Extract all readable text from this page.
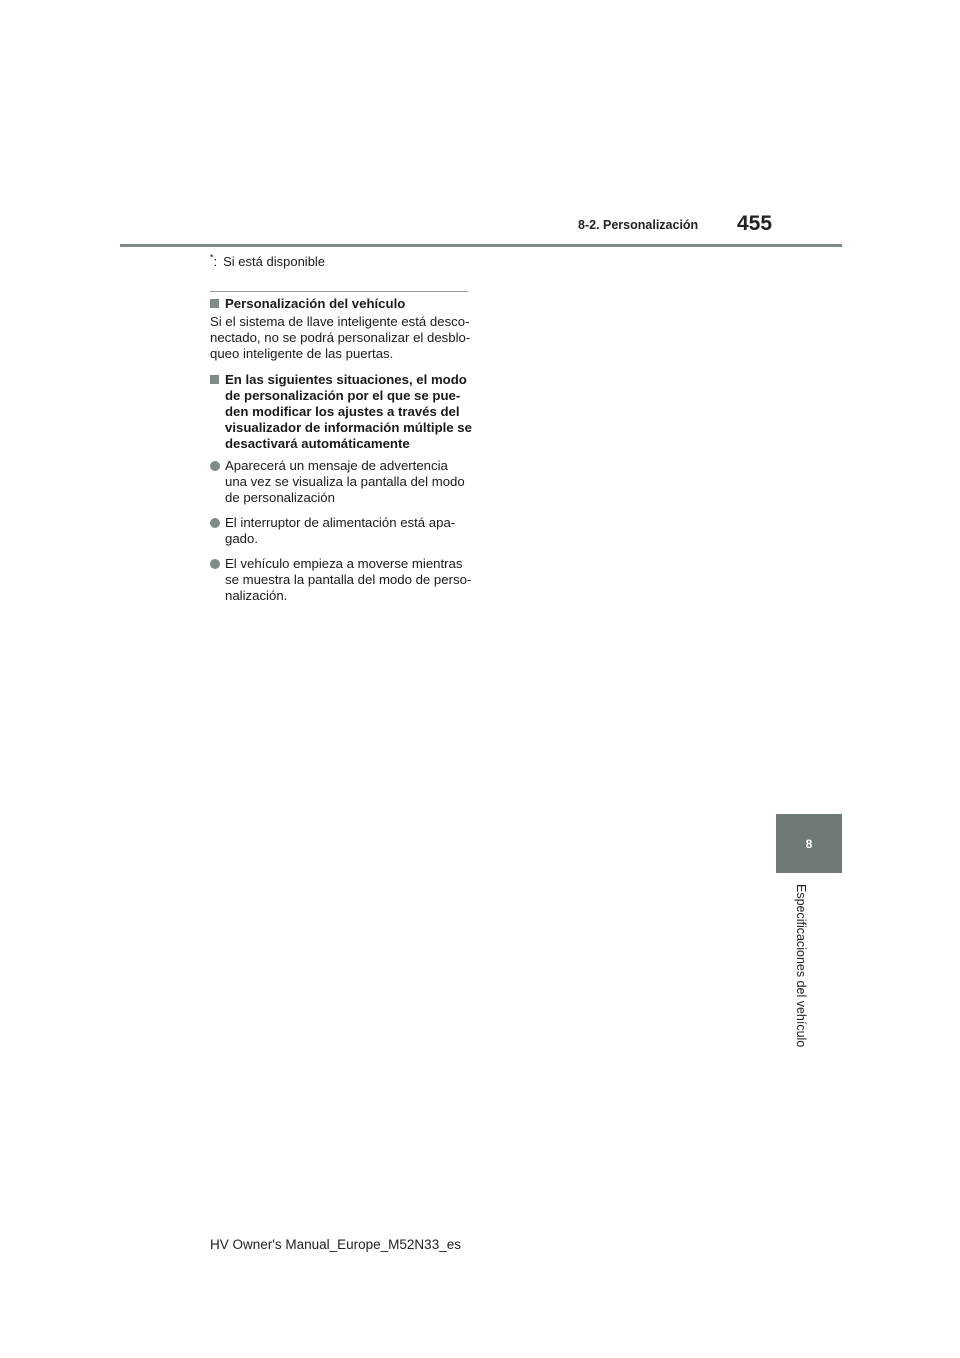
8-2. Personalización 455
*: Si está disponible
Personalización del vehículo

Si el sistema de llave inteligente está desco-nectado, no se podrá personalizar el desblo-queo inteligente de las puertas.

En las siguientes situaciones, el modo de personalización por el que se pue-den modificar los ajustes a través del visualizador de información múltiple se desactivará automáticamente
Aparecerá un mensaje de advertencia una vez se visualiza la pantalla del modo de personalización
El interruptor de alimentación está apa-gado.
El vehículo empieza a moverse mientras se muestra la pantalla del modo de perso-nalización.
8
Especificaciones del vehículo
HV Owner's Manual_Europe_M52N33_es
